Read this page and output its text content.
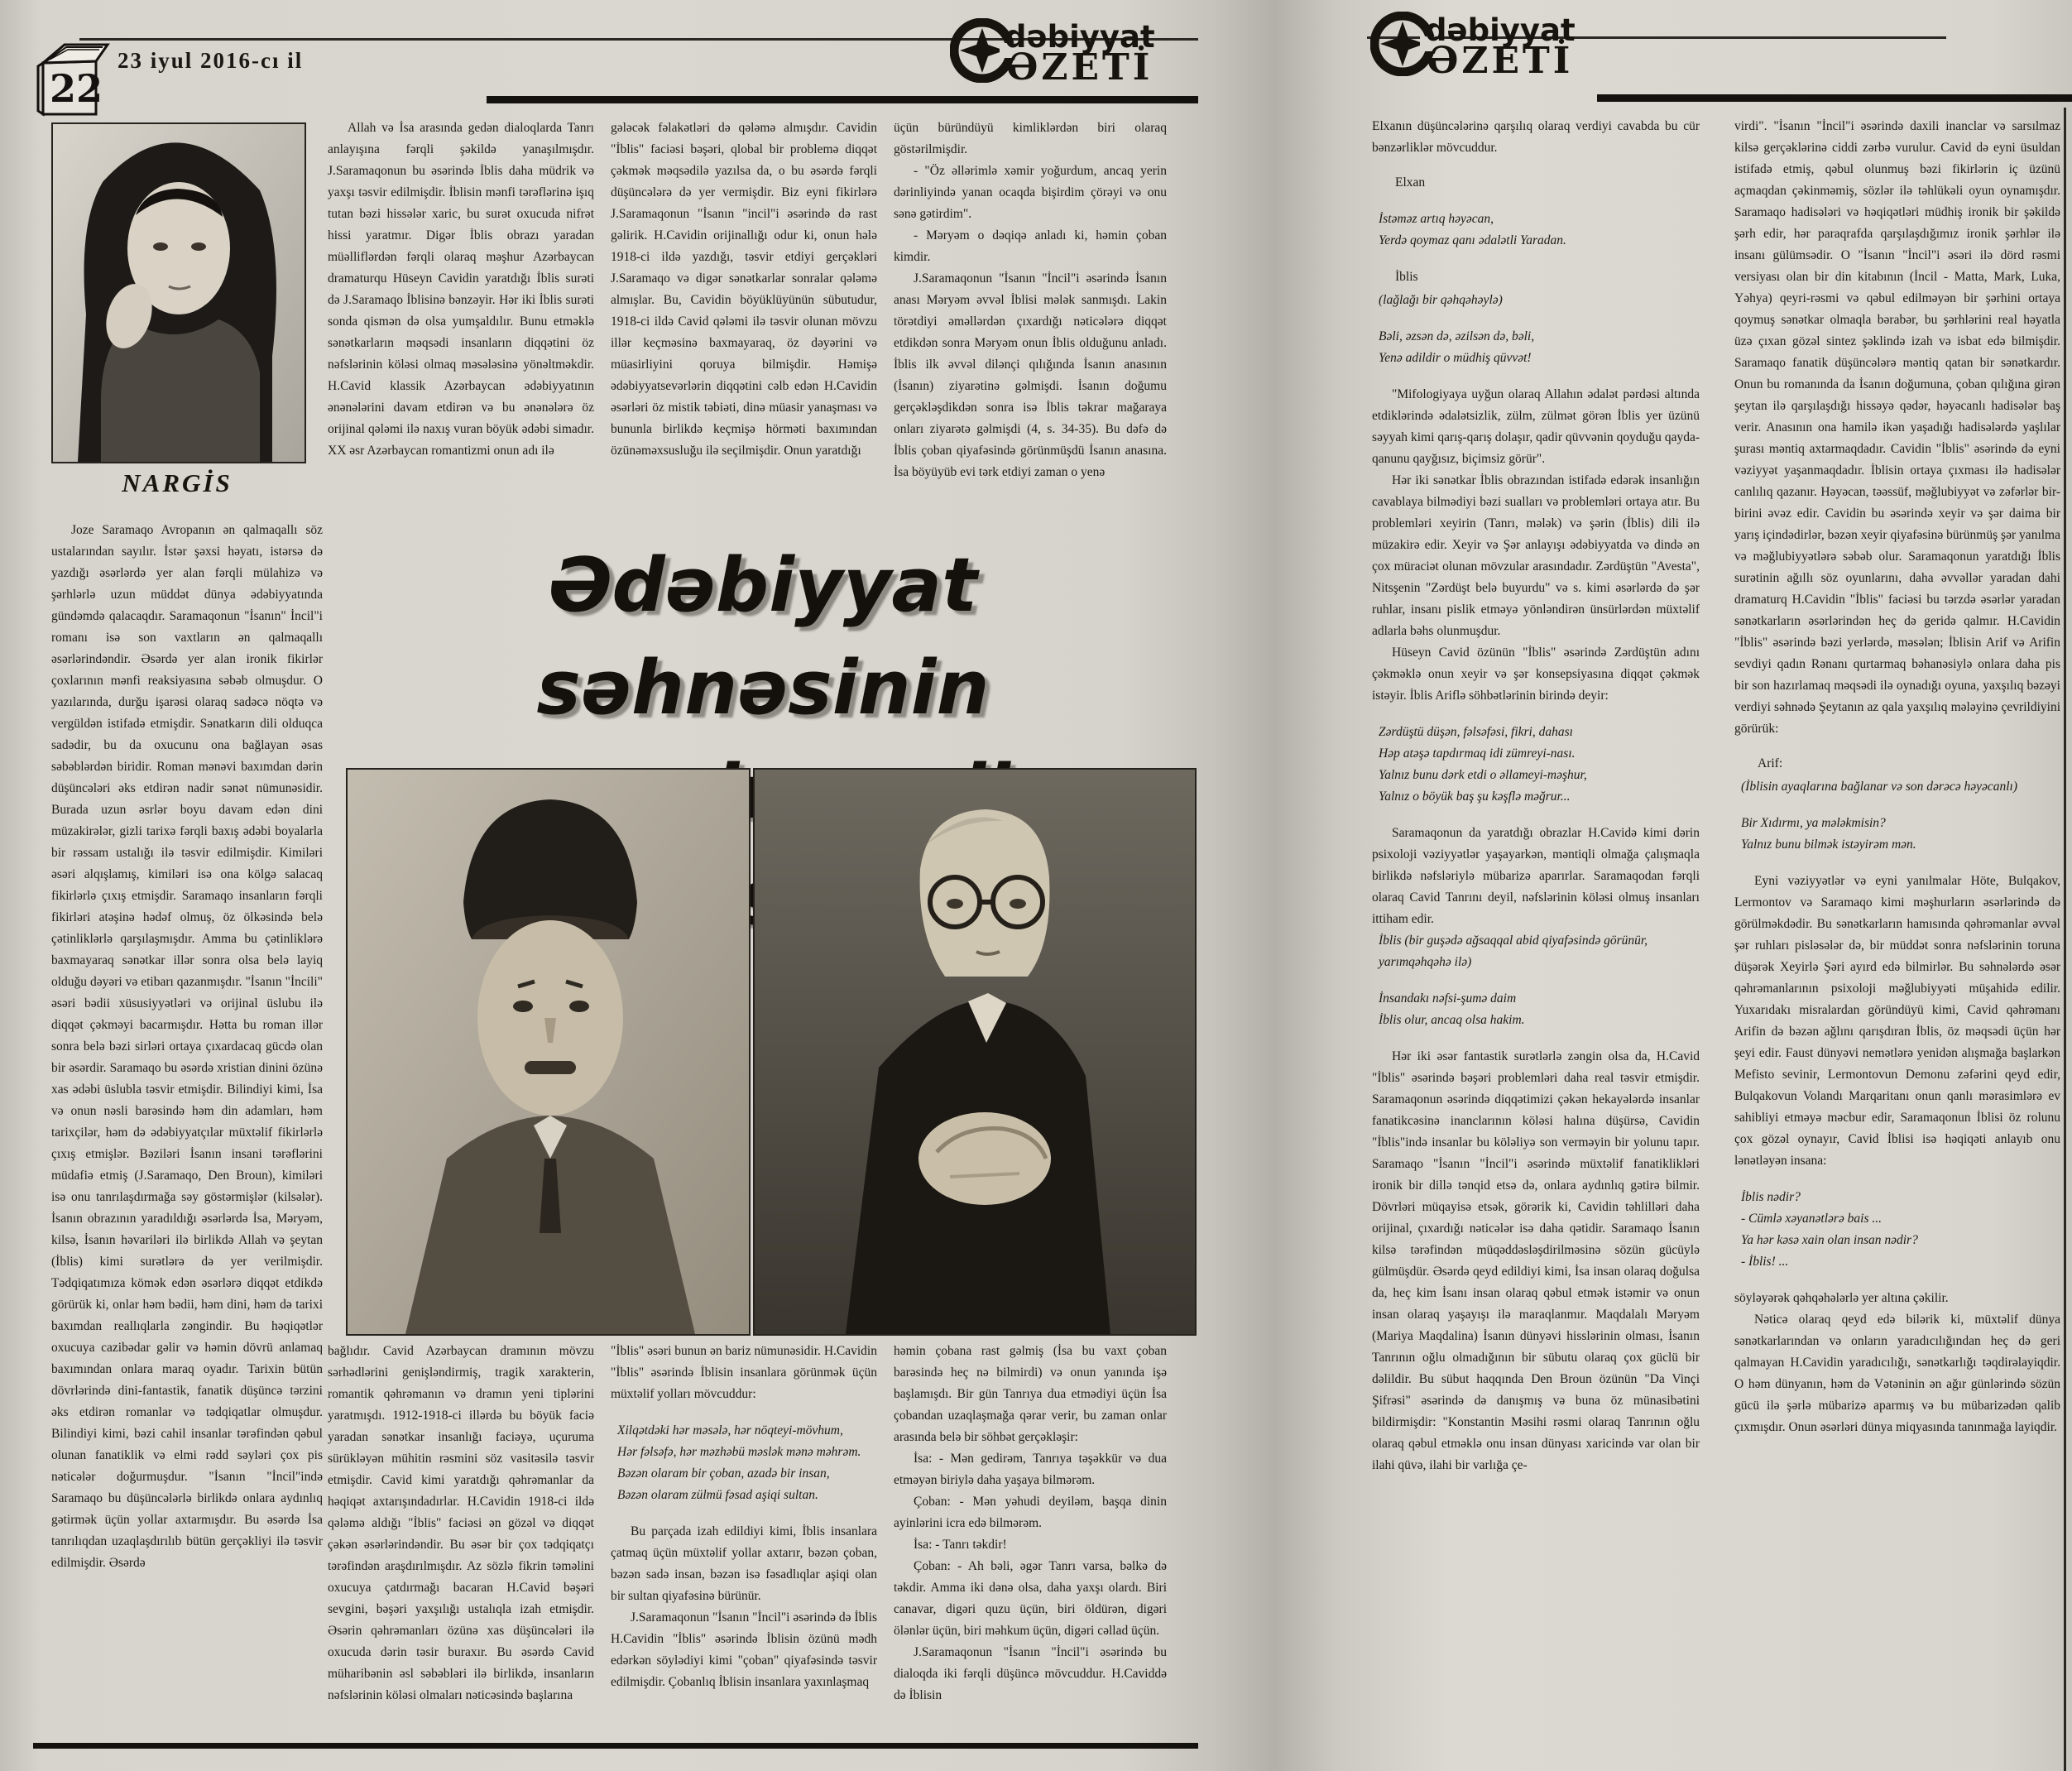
22
23 iyul 2016-cı il
dəbiyyat
ƏZETİ
dəbiyyat
ƏZETİ
NARGİS

Joze Saramaqo Avropanın ən qalmaqallı söz ustalarından sayılır. İstər şəxsi həyatı, istərsə də yazdığı əsərlərdə yer alan fərqli mülahizə və şərhlərlə uzun müddət dünya ədəbiyyatında gündəmdə qalacaqdır. Saramaqonun "İsanın" İncil"i romanı isə son vaxtların ən qalmaqallı əsərlərindəndir. Əsərdə yer alan ironik fikirlər çoxlarının mənfi reaksiyasına səbəb olmuşdur. O yazılarında, durğu işarəsi olaraq sadəcə nöqtə və vergüldən istifadə etmişdir. Sənatkarın dili olduqca sadədir, bu da oxucunu ona bağlayan əsas səbəblərdən biridir. Roman mənəvi baxımdan dərin düşüncələri əks etdirən nadir sənət nümunəsidir. Burada uzun əsrlər boyu davam edən dini müzakirələr, gizli tarixə fərqli baxış ədəbi boyalarla bir rəssam ustalığı ilə təsvir edilmişdir. Kimiləri əsəri alqışlamış, kimiləri isə ona kölgə salacaq fikirlərlə çıxış etmişdir. Saramaqo insanların fərqli fikirləri atəşinə hədəf olmuş, öz ölkəsində belə çətinliklərlə qarşılaşmışdır. Amma bu çətinliklərə baxmayaraq sənətkar illər sonra olsa belə layiq olduğu dəyəri və etibarı qazanmışdır. "İsanın "İncili" əsəri bədii xüsusiyyətləri və orijinal üslubu ilə diqqət çəkməyi bacarmışdır. Hətta bu roman illər sonra belə bəzi sirləri ortaya çıxardacaq gücdə olan bir əsərdir. Saramaqo bu əsərdə xristian dinini özünə xas ədəbi üslubla təsvir etmişdir. Bilindiyi kimi, İsa və onun nəsli barəsində həm din adamları, həm tarixçilər, həm də ədəbiyyatçılar müxtəlif fikirlərlə çıxış etmişlər. Bəziləri İsanın insani tərəflərini müdafiə etmiş (J.Saramaqo, Den Broun), kimiləri isə onu tanrılaşdırmağa səy göstərmişlər (kilsələr). İsanın obrazının yaradıldığı əsərlərdə İsa, Məryəm, kilsə, İsanın həvariləri ilə birlikdə Allah və şeytan (İblis) kimi surətlərə də yer verilmişdir. Tədqiqatımıza kömək edən əsərlərə diqqət etdikdə görürük ki, onlar həm bədii, həm dini, həm də tarixi baxımdan reallıqlarla zəngindir. Bu həqiqətlər oxucuya cazibədar gəlir və həmin dövrü anlamaq baxımından onlara maraq oyadır. Tarixin bütün dövrlərində dini-fantastik, fanatik düşüncə tərzini əks etdirən romanlar və tədqiqatlar olmuşdur. Bilindiyi kimi, bəzi cahil insanlar tərəfindən qəbul olunan fanatiklik və elmi rədd səyləri çox pis nəticələr doğurmuşdur. "İsanın "İncil"ində Saramaqo bu düşüncələrlə birlikdə onlara aydınlıq gətirmək üçün yollar axtarmışdır. Bu əsərdə İsa tanrılıqdan uzaqlaşdırılıb bütün gerçəkliyi ilə təsvir edilmişdir. Əsərdə

Allah və İsa arasında gedən dialoqlarda Tanrı anlayışına fərqli şəkildə yanaşılmışdır. J.Saramaqonun bu əsərində İblis daha müdrik və yaxşı təsvir edilmişdir. İblisin mənfi tərəflərinə işıq tutan bəzi hissələr xaric, bu surət oxucuda nifrət hissi yaratmır. Digər İblis obrazı yaradan müəlliflərdən fərqli olaraq məşhur Azərbaycan dramaturqu Hüseyn Cavidin yaratdığı İblis surəti də J.Saramaqo İblisinə bənzəyir. Hər iki İblis surəti sonda qismən də olsa yumşaldılır. Bunu etməklə sənətkarların məqsədi insanların diqqətini öz nəfslərinin köləsi olmaq məsələsinə yönəltməkdir. H.Cavid klassik Azərbaycan ədəbiyyatının ənənələrini davam etdirən və bu ənənələrə öz orijinal qələmi ilə naxış vuran böyük ədəbi simadır. XX əsr Azərbaycan romantizmi onun adı ilə

gələcək fəlakətləri də qələmə almışdır. Cavidin "İblis" faciəsi bəşəri, qlobal bir problemə diqqət çəkmək məqsədilə yazılsa da, o bu əsərdə fərqli düşüncələrə də yer vermişdir. Biz eyni fikirlərə J.Saramaqonun "İsanın "incil"i əsərində də rast gəlirik. H.Cavidin orijinallığı odur ki, onun hələ 1918-ci ildə yazdığı, təsvir etdiyi gerçəkləri J.Saramaqo və digər sənətkarlar sonralar qələmə almışlar. Bu, Cavidin böyüklüyünün sübutudur, 1918-ci ildə Cavid qələmi ilə təsvir olunan mövzu illər keçməsinə baxmayaraq, öz dəyərini və müasirliyini qoruya bilmişdir. Həmişə ədəbiyyatsevərlərin diqqətini cəlb edən H.Cavidin əsərləri öz mistik təbiəti, dinə müasir yanaşması və bununla birlikdə keçmişə hörməti baxımından özünəməxsusluğu ilə seçilmişdir. Onun yaratdığı

üçün büründüyü kimliklərdən biri olaraq göstərilmişdir.

- "Öz əllərimlə xəmir yoğurdum, ancaq yerin dərinliyində yanan ocaqda bişirdim çörəyi və onu sənə gətirdim".

- Məryəm o dəqiqə anladı ki, həmin çoban kimdir.

J.Saramaqonun "İsanın "İncil"i əsərində İsanın anası Məryəm əvvəl İblisi mələk sanmışdı. Lakin törətdiyi əməllərdən çıxardığı nəticələrə diqqət etdikdən sonra Məryəm onun İblis olduğunu anladı. İblis ilk əvvəl dilənçi qılığında İsanın anasının (İsanın) ziyarətinə gəlmişdi. İsanın doğumu gerçəkləşdikdən sonra isə İblis təkrar mağaraya onları ziyarətə gəlmişdi (4, s. 34-35). Bu dəfə də İblis çoban qiyafəsində görünmüşdü İsanın anasına. İsa böyüyüb evi tərk etdiyi zaman o yenə

Ədəbiyyat səhnəsinin

bağlıdır. Cavid Azərbaycan dramının mövzu sərhədlərini genişləndirmiş, tragik xarakterin, romantik qəhrəmanın və dramın yeni tiplərini yaratmışdı. 1912-1918-ci illərdə bu böyük faciə yaradan sənətkar insanlığı faciəyə, uçuruma sürükləyən mühitin rəsmini söz vasitəsilə təsvir etmişdir. Cavid kimi yaratdığı qəhrəmanlar da həqiqət axtarışındadırlar. H.Cavidin 1918-ci ildə qələmə aldığı "İblis" faciəsi ən gözəl və diqqət çəkən əsərlərindəndir. Bu əsər bir çox tədqiqatçı tərəfindən araşdırılmışdır. Az sözlə fikrin təməlini oxucuya çatdırmağı bacaran H.Cavid bəşəri sevgini, bəşəri yaxşılığı ustalıqla izah etmişdir. Əsərin qəhrəmanları özünə xas düşüncələri ilə oxucuda dərin təsir buraxır. Bu əsərdə Cavid müharibənin əsl səbəbləri ilə birlikdə, insanların nəfslərinin köləsi olmaları nəticəsində başlarına

"İblis" əsəri bunun ən bariz nümunəsidir. H.Cavidin "İblis" əsərində İblisin insanlara görünmək üçün müxtəlif yolları mövcuddur:

Xilqətdəki hər məsələ, hər nöqteyi-mövhum,
Hər fəlsəfə, hər məzhəbü məslək mənə məhrəm.
Bəzən olaram bir çoban, azadə bir insan,
Bəzən olaram zülmü fəsad aşiqi sultan.

Bu parçada izah edildiyi kimi, İblis insanlara çatmaq üçün müxtəlif yollar axtarır, bəzən çoban, bəzən sadə insan, bəzən isə fəsadlıqlar aşiqi olan bir sultan qiyafəsinə bürünür.

J.Saramaqonun "İsanın "İncil"i əsərində də İblis H.Cavidin "İblis" əsərində İblisin özünü mədh edərkən söylədiyi kimi "çoban" qiyafəsində təsvir edilmişdir. Çobanlıq İblisin insanlara yaxınlaşmaq

həmin çobana rast gəlmiş (İsa bu vaxt çoban barəsində heç nə bilmirdi) və onun yanında işə başlamışdı. Bir gün Tanrıya dua etmədiyi üçün İsa çobandan uzaqlaşmağa qərar verir, bu zaman onlar arasında belə bir söhbət gerçəkləşir:

İsa: - Mən gedirəm, Tanrıya təşəkkür və dua etməyən biriylə daha yaşaya bilmərəm.

Çoban: - Mən yəhudi deyiləm, başqa dinin ayinlərini icra edə bilmərəm.

İsa: - Tanrı təkdir!

Çoban: - Ah bəli, əgər Tanrı varsa, bəlkə də təkdir. Amma iki dənə olsa, daha yaxşı olardı. Biri canavar, digəri quzu üçün, biri öldürən, digəri ölənlər üçün, biri məhkum üçün, digəri cəllad üçün.

J.Saramaqonun "İsanın "İncil"i əsərində bu dialoqda iki fərqli düşüncə mövcuddur. H.Caviddə də İblisin

Elxanın düşüncələrinə qarşılıq olaraq verdiyi cavabda bu cür bənzərliklər mövcuddur.

Elxan

İstəməz artıq həyəcan,
Yerdə qoymaz qanı ədalətli Yaradan.

İblis

(lağlağı bir qəhqəhəylə)

Bəli, əzsən də, əzilsən də, bəli,
Yenə adildir o müdhiş qüvvət!

"Mifologiyaya uyğun olaraq Allahın ədalət pərdəsi altında etdiklərində ədalətsizlik, zülm, zülmət görən İblis yer üzünü səyyah kimi qarış-qarış dolaşır, qadir qüvvənin qoyduğu qayda-qanunu qayğısız, biçimsiz görür".

Hər iki sənətkar İblis obrazından istifadə edərək insanlığın cavablaya bilmədiyi bəzi sualları və problemləri ortaya atır. Bu problemləri xeyirin (Tanrı, mələk) və şərin (İblis) dili ilə müzakirə edir. Xeyir və Şər anlayışı ədəbiyyatda və dində ən çox müraciət olunan mövzular arasındadır. Zərdüştün "Avesta", Nitsşenin "Zərdüşt belə buyurdu" və s. kimi əsərlərdə də şər ruhlar, insanı pislik etməyə yönləndirən ünsürlərdən müxtəlif adlarla bəhs olunmuşdur.

Hüseyn Cavid özünün "İblis" əsərində Zərdüştün adını çəkməklə onun xeyir və şər konsepsiyasına diqqət çəkmək istəyir. İblis Ariflə söhbətlərinin birində deyir:

Zərdüştü düşən, fəlsəfəsi, fikri, dahası
Həp atəşə tapdırmaq idi zümreyi-nası.
Yalnız bunu dərk etdi o əllameyi-məşhur,
Yalnız o böyük baş şu kəşflə məğrur...

Saramaqonun da yaratdığı obrazlar H.Cavidə kimi dərin psixoloji vəziyyətlər yaşayarkən, məntiqli olmağa çalışmaqla birlikdə nəfsləriylə mübarizə aparırlar. Saramaqodan fərqli olaraq Cavid Tanrını deyil, nəfslərinin köləsi olmuş insanları ittiham edir.

İblis (bir guşədə ağsaqqal abid qiyafəsində görünür, yarımqəhqəhə ilə)

İnsandakı nəfsi-şumə daim
İblis olur, ancaq olsa hakim.

Hər iki əsər fantastik surətlərlə zəngin olsa da, H.Cavid "İblis" əsərində bəşəri problemləri daha real təsvir etmişdir. Saramaqonun əsərində diqqətimizi çəkən hekayələrdə insanlar fanatikcəsinə inanclarının köləsi halına düşürsə, Cavidin "İblis"ində insanlar bu köləliyə son verməyin bir yolunu tapır. Saramaqo "İsanın "İncil"i əsərində müxtəlif fanatiklikləri ironik bir dillə tənqid etsə də, onlara aydınlıq gətirə bilmir. Dövrləri müqayisə etsək, görərik ki, Cavidin təhlilləri daha orijinal, çıxardığı nəticələr isə daha qətidir. Saramaqo İsanın kilsə tərəfindən müqəddəsləşdirilməsinə sözün gücüylə gülmüşdür. Əsərdə qeyd edildiyi kimi, İsa insan olaraq doğulsa da, heç kim İsanı insan olaraq qəbul etmək istəmir və onun insan olaraq yaşayışı ilə maraqlanmır. Maqdalalı Məryəm (Mariya Maqdalina) İsanın dünyəvi hisslərinin olması, İsanın Tanrının oğlu olmadığının bir sübutu olaraq çox güclü bir dəlildir. Bu sübut haqqında Den Broun özünün "Da Vinçi Şifrəsi" əsərində də danışmış və buna öz münasibətini bildirmişdir: "Konstantin Məsihi rəsmi olaraq Tanrının oğlu olaraq qəbul etməklə onu insan dünyası xaricində var olan bir ilahi qüvə, ilahi bir varlığa çe-

virdi". "İsanın "İncil"i əsərində daxili inanclar və sarsılmaz kilsə gerçəklərinə ciddi zərbə vurulur. Cavid də eyni üsuldan istifadə etmiş, qəbul olunmuş bəzi fikirlərin iç üzünü açmaqdan çəkinməmiş, sözlər ilə təhlükəli oyun oynamışdır. Saramaqo hadisələri və həqiqətləri müdhiş ironik bir şəkildə şərh edir, hər paraqrafda qarşılaşdığımız ironik şərhlər ilə insanı gülümsədir. O "İsanın "İncil"i əsəri ilə dörd rəsmi versiyası olan bir din kitabının (İncil - Matta, Mark, Luka, Yəhya) qeyri-rəsmi və qəbul edilməyən bir şərhini ortaya qoymuş sənətkar olmaqla bərabər, bu şərhlərini real həyatla üzə çıxan gözəl sintez şəklində izah və isbat edə bilmişdir. Saramaqo fanatik düşüncələrə məntiq qatan bir sənətkardır. Onun bu romanında da İsanın doğumuna, çoban qılığına girən şeytan ilə qarşılaşdığı hissəyə qədər, həyəcanlı hadisələr baş verir. Anasının ona hamilə ikən yaşadığı hadisələrdə yaşlılar şurası məntiq axtarmaqdadır. Cavidin "İblis" əsərində də eyni vəziyyət yaşanmaqdadır. İblisin ortaya çıxması ilə hadisələr canlılıq qazanır. Həyəcan, təəssüf, məğlubiyyət və zəfərlər bir-birini əvəz edir. Cavidin bu əsərində xeyir və şər daima bir yarış içindədirlər, bəzən xeyir qiyafəsinə bürünmüş şər yanılma və məğlubiyyətlərə səbəb olur. Saramaqonun yaratdığı İblis surətinin ağıllı söz oyunlarını, daha əvvəllər yaradan dahi dramaturq H.Cavidin "İblis" faciəsi bu tərzdə əsərlər yaradan sənətkarların əsərlərindən heç də geridə qalmır. H.Cavidin "İblis" əsərində bəzi yerlərdə, məsələn; İblisin Arif və Arifin sevdiyi qadın Rənanı qurtarmaq bəhanəsiylə onlara daha pis bir son hazırlamaq məqsədi ilə oynadığı oyuna, yaxşılıq bəzəyi verdiyi səhnədə Şeytanın az qala yaxşılıq mələyinə çevrildiyini görürük:

Arif:

(İblisin ayaqlarına bağlanar və son dərəcə həyəcanlı)

Bir Xıdırmı, ya mələkmisin?
Yalnız bunu bilmək istəyirəm mən.

Eyni vəziyyətlər və eyni yanılmalar Höte, Bulqakov, Lermontov və Saramaqo kimi məşhurların əsərlərində də görülməkdədir. Bu sənətkarların hamısında qəhrəmanlar əvvəl şər ruhları pisləsələr də, bir müddət sonra nəfslərinin toruna düşərək Xeyirlə Şəri ayırd edə bilmirlər. Bu səhnələrdə əsər qəhrəmanlarının psixoloji məğlubiyyəti müşahidə edilir. Yuxarıdakı misralardan göründüyü kimi, Cavid qəhrəmanı Arifin də bəzən ağlını qarışdıran İblis, öz məqsədi üçün hər şeyi edir. Faust dünyəvi nemətlərə yenidən alışmağa başlarkən Mefisto sevinir, Lermontovun Demonu zəfərini qeyd edir, Bulqakovun Volandı Marqaritanı onun qanlı mərasimlərə ev sahibliyi etməyə məcbur edir, Saramaqonun İblisi öz rolunu çox gözəl oynayır, Cavid İblisi isə həqiqəti anlayıb onu lənətləyən insana:

İblis nədir?
- Cümlə xəyanətlərə bais ...
Ya hər kəsə xain olan insan nədir?
- İblis! ...

söyləyərək qəhqəhələrlə yer altına çəkilir.

Nəticə olaraq qeyd edə bilərik ki, müxtəlif dünya sənətkarlarından və onların yaradıcılığından heç də geri qalmayan H.Cavidin yaradıcılığı, sənətkarlığı təqdirəlayiqdir. O həm dünyanın, həm də Vətəninin ən ağır günlərində sözün gücü ilə şərlə mübarizə aparmış və bu mübarizədən qalib çıxmışdır. Onun əsərləri dünya miqyasında tanınmağa layiqdir.
